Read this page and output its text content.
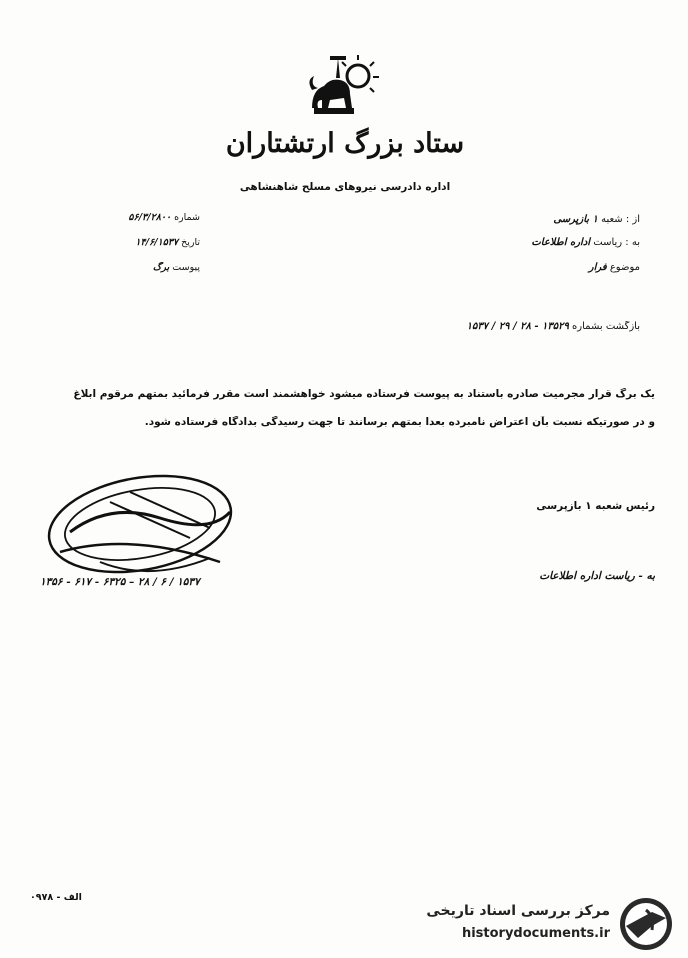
ستاد بزرگ ارتشتاران
اداره دادرسی نیروهای مسلح شاهنشاهی
شماره ۵۶/۳/۲۸۰۰
تاریخ ۱۴/۶/۱۵۳۷
پیوست برگ
از : شعبه ۱ بازپرسی
به : ریاست اداره اطلاعات
موضوع فرار
بازگشت بشماره ۱۳۵۲۹ - ۲۸ / ۲۹ / ۱۵۳۷
یک برگ قرار مجرمیت صادره باستناد به پیوست فرستاده میشود خواهشمند است مقرر فرمائید بمتهم مرقوم ابلاغ
و در صورتیکه نسبت بآن اعتراض نامبرده بعدا بمتهم برسانند تا جهت رسیدگی بدادگاه فرستاده شود.
رئیس شعبه ۱ بازپرسی
به - ریاست اداره اطلاعات
۱۳۵۶ - ۶۱۷ - ۶۳۲۵ – ۲۸ / ۶ / ۱۵۳۷
الف - ۰۹۷۸
مرکز بررسی اسناد تاریخی
historydocuments.ir
